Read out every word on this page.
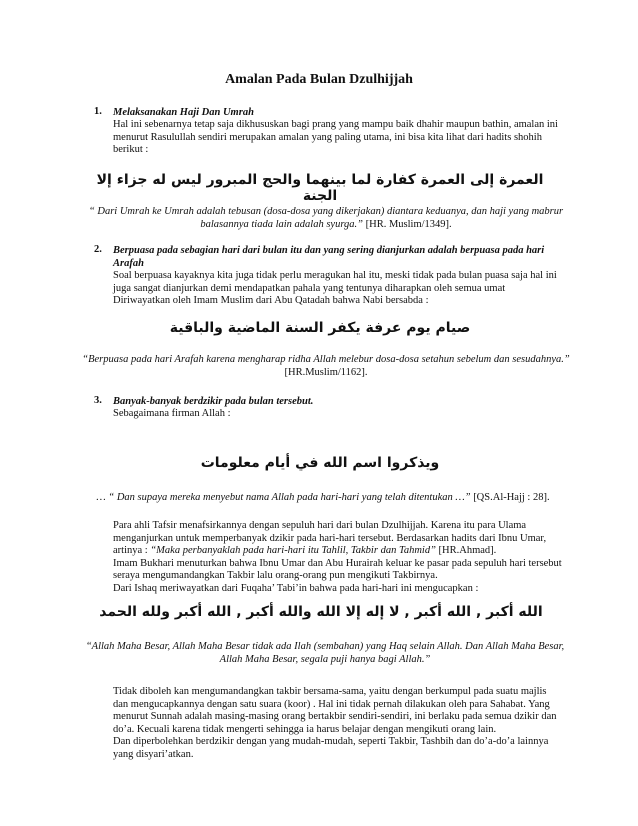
Amalan Pada Bulan Dzulhijjah
1. Melaksanakan Haji Dan Umrah
Hal ini sebenarnya tetap saja dikhususkan bagi prang yang mampu baik dhahir maupun bathin, amalan ini
menurut Rasulullah sendiri merupakan amalan yang paling utama, ini bisa kita lihat dari hadits shohih
berikut :
العمرة إلى العمرة كفارة لما بينهما والحج المبرور ليس له جزاء إلا الجنة
“ Dari Umrah ke Umrah adalah tebusan (dosa-dosa yang dikerjakan) diantara keduanya, dan haji yang mabrur
balasannya tiada lain adalah syurga.” [HR. Muslim/1349].
2. Berpuasa pada sebagian hari dari bulan itu dan yang sering dianjurkan adalah berpuasa pada hari
Arafah
Soal berpuasa kayaknya kita juga tidak perlu meragukan hal itu, meski tidak pada bulan puasa saja hal ini
juga sangat dianjurkan demi mendapatkan pahala yang tentunya diharapkan oleh semua umat
Diriwayatkan oleh Imam Muslim dari Abu Qatadah bahwa Nabi bersabda :
صيام يوم عرفة يكفر السنة الماضية والباقية
“Berpuasa pada hari Arafah karena mengharap ridha Allah melebur dosa-dosa setahun sebelum dan sesudahnya.”
[HR.Muslim/1162].
3. Banyak-banyak berdzikir pada bulan tersebut.
Sebagaimana firman Allah :
ويذكروا اسم الله في أيام معلومات
… “ Dan supaya mereka menyebut nama Allah pada hari-hari yang telah ditentukan …” [QS.Al-Hajj : 28].
Para ahli Tafsir menafsirkannya dengan sepuluh hari dari bulan Dzulhijjah. Karena itu para Ulama
menganjurkan untuk memperbanyak dzikir pada hari-hari tersebut. Berdasarkan hadits dari Ibnu Umar,
artinya : “Maka perbanyaklah pada hari-hari itu Tahlil, Takbir dan Tahmid” [HR.Ahmad].
Imam Bukhari menuturkan bahwa Ibnu Umar dan Abu Hurairah keluar ke pasar pada sepuluh hari tersebut
seraya mengumandangkan Takbir lalu orang-orang pun mengikuti Takbirnya.
Dari Ishaq meriwayatkan dari Fuqaha’ Tabi’in bahwa pada hari-hari ini mengucapkan :
الله أكبر , الله أكبر , لا إله إلا الله والله أكبر , الله أكبر ولله الحمد
“Allah Maha Besar, Allah Maha Besar tidak ada Ilah (sembahan) yang Haq selain Allah. Dan Allah Maha Besar,
Allah Maha Besar, segala puji hanya bagi Allah.”
Tidak diboleh kan mengumandangkan takbir bersama-sama, yaitu dengan berkumpul pada suatu majlis
dan mengucapkannya dengan satu suara (koor) . Hal ini tidak pernah dilakukan oleh para Sahabat. Yang
menurut Sunnah adalah masing-masing orang bertakbir sendiri-sendiri, ini berlaku pada semua dzikir dan
do’a. Kecuali karena tidak mengerti sehingga ia harus belajar dengan mengikuti orang lain.
Dan diperbolehkan berdzikir dengan yang mudah-mudah, seperti Takbir, Tashbih dan do’a-do’a lainnya
yang disyari’atkan.
